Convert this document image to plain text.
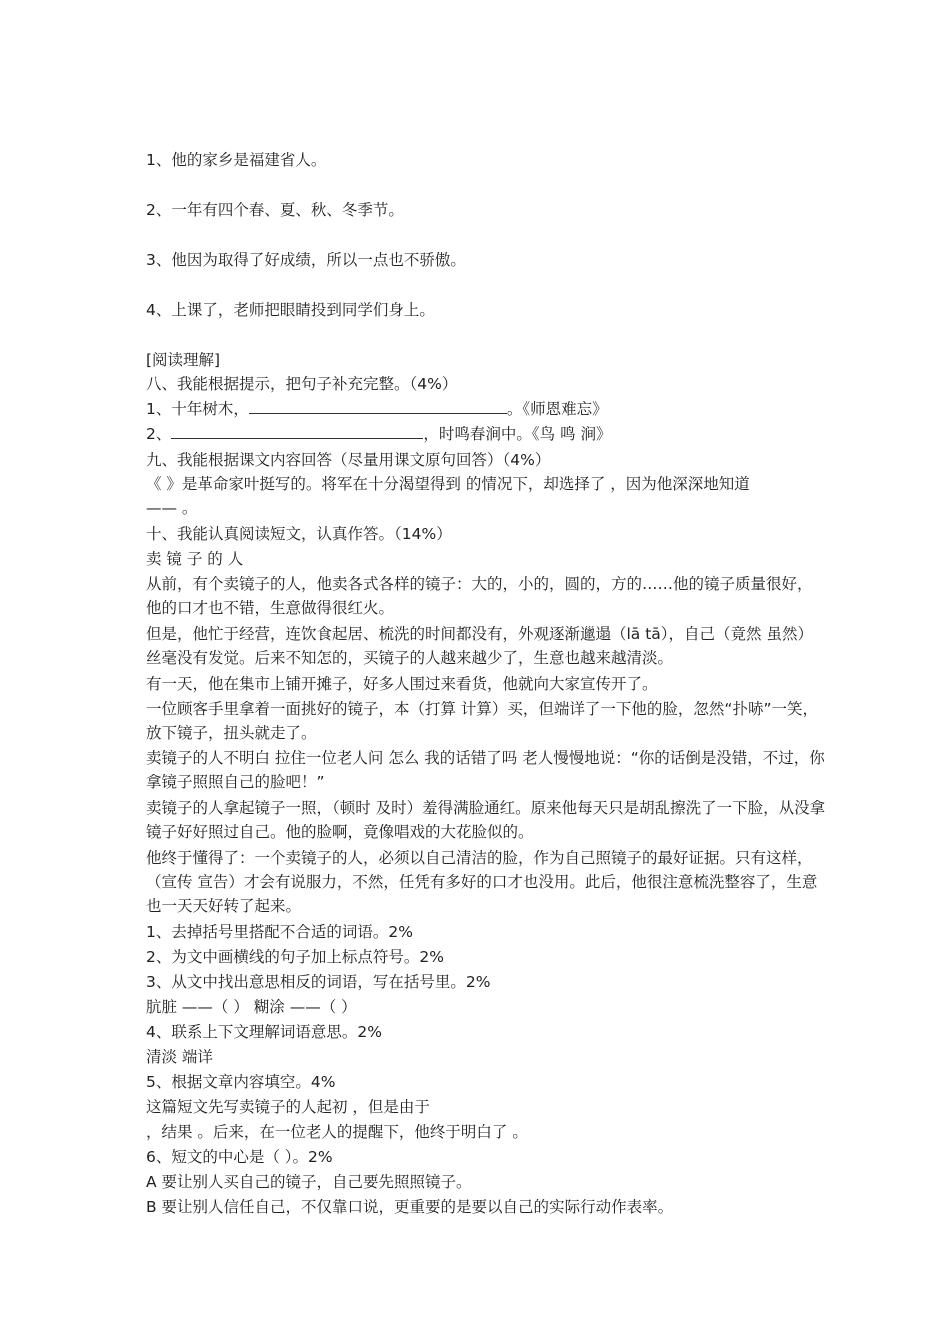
1、他的家乡是福建省人。

2、一年有四个春、夏、秋、冬季节。

3、他因为取得了好成绩，所以一点也不骄傲。

4、上课了，老师把眼睛投到同学们身上。

[阅读理解]

八、我能根据提示，把句子补充完整。（4%）

1、十年树木，	。《师恩难忘》

2、	，时鸣春涧中。《鸟 鸣 涧》

九、我能根据课文内容回答（尽量用课文原句回答）（4%）

《 》是革命家叶挺写的。将军在十分渴望得到 的情况下，却选择了 ，因为他深深地知道

—— 。

十、我能认真阅读短文，认真作答。（14%）

卖 镜 子 的 人

从前，有个卖镜子的人，他卖各式各样的镜子：大的，小的，圆的，方的……他的镜子质量很好，他的口才也不错，生意做得很红火。

但是，他忙于经营，连饮食起居、梳洗的时间都没有，外观逐渐邋遢（lā tā），自己（竟然 虽然）丝毫没有发觉。后来不知怎的，买镜子的人越来越少了，生意也越来越清淡。

有一天，他在集市上铺开摊子，好多人围过来看货，他就向大家宣传开了。

一位顾客手里拿着一面挑好的镜子，本（打算 计算）买，但端详了一下他的脸，忽然“扑哧”一笑，放下镜子，扭头就走了。

卖镜子的人不明白 拉住一位老人问 怎么 我的话错了吗 老人慢慢地说：“你的话倒是没错，不过，你拿镜子照照自己的脸吧！”

卖镜子的人拿起镜子一照，（顿时 及时）羞得满脸通红。原来他每天只是胡乱擦洗了一下脸，从没拿镜子好好照过自己。他的脸啊，竟像唱戏的大花脸似的。

他终于懂得了：一个卖镜子的人，必须以自己清洁的脸，作为自己照镜子的最好证据。只有这样，（宣传 宣告）才会有说服力，不然，任凭有多好的口才也没用。此后，他很注意梳洗整容了，生意也一天天好转了起来。

1、去掉括号里搭配不合适的词语。2%

2、为文中画横线的句子加上标点符号。2%

3、从文中找出意思相反的词语，写在括号里。2%

肮脏 ——（ ） 糊涂 ——（ ）

4、联系上下文理解词语意思。2%

清淡 端详

5、根据文章内容填空。4%

这篇短文先写卖镜子的人起初 ，但是由于

，结果 。后来，在一位老人的提醒下，他终于明白了 。

6、短文的中心是（ ）。2%

A 要让别人买自己的镜子，自己要先照照镜子。

B 要让别人信任自己，不仅靠口说，更重要的是要以自己的实际行动作表率。
